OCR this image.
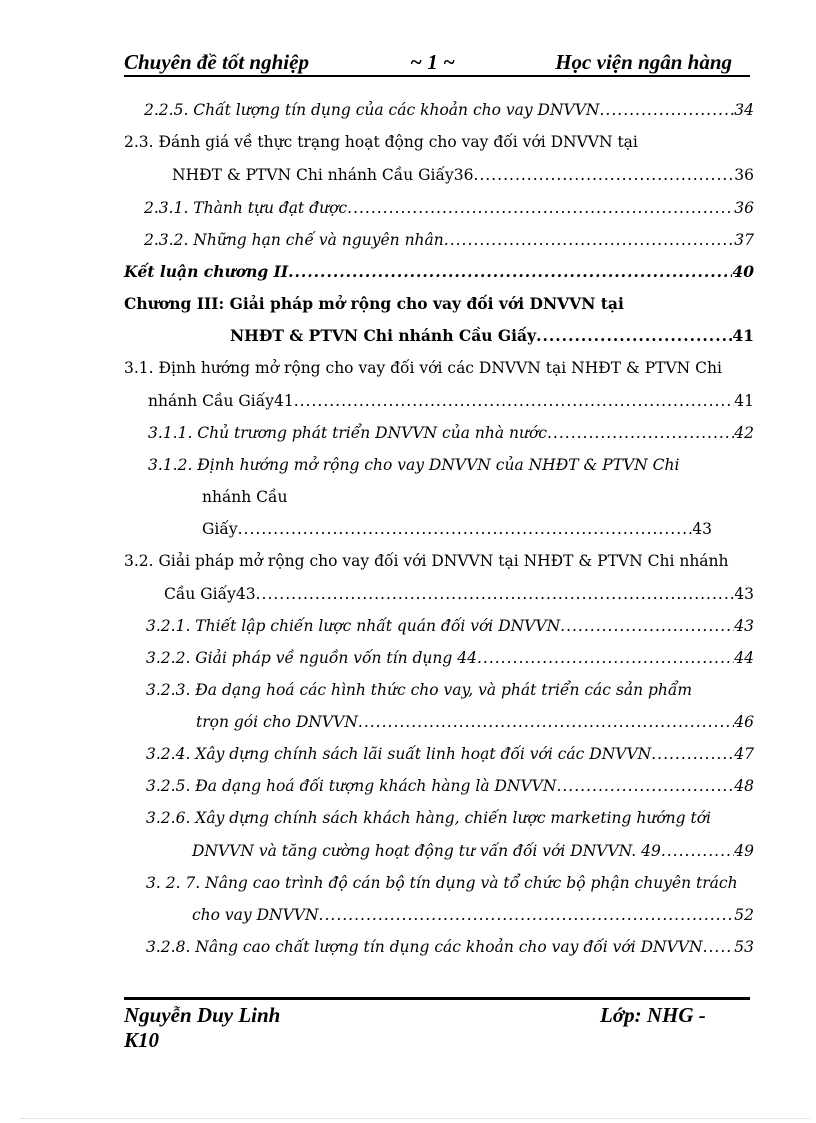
Chuyên đề tốt nghiệp	~ 1 ~	Học viện ngân hàng
2.2.5. Chất lượng tín dụng của các khoản cho vay DNVVN .....	34
2.3. Đánh giá về thực trạng hoạt động cho vay đối với DNVVN tại
NHĐT & PTVN Chi nhánh Cầu Giấy36 .....	36
2.3.1. Thành tựu đạt được .....	36
2.3.2. Những hạn chế và nguyên nhân .....	37
Kết luận chương II .....	40
Chương III: Giải pháp mở rộng cho vay đối với DNVVN tại
NHĐT & PTVN Chi nhánh Cầu Giấy .....	41
3.1. Định hướng mở rộng cho vay đối với các DNVVN tại NHĐT & PTVN Chi
nhánh Cầu Giấy41 .....	41
3.1.1. Chủ trương phát triển DNVVN của nhà nước .....	42
3.1.2. Định hướng mở rộng cho vay DNVVN của NHĐT & PTVN Chi
nhánh Cầu
Giấy .....	43
3.2. Giải pháp mở rộng cho vay đối với DNVVN tại NHĐT & PTVN Chi nhánh
Cầu Giấy43 .....	43
3.2.1. Thiết lập chiến lược nhất quán đối với DNVVN .....	43
3.2.2. Giải pháp về nguồn vốn tín dụng 44 .....	44
3.2.3. Đa dạng hoá các hình thức cho vay, và phát triển các sản phẩm
trọn gói cho DNVVN .....	46
3.2.4. Xây dựng chính sách lãi suất linh hoạt đối với các DNVVN .....	47
3.2.5. Đa dạng hoá đối tượng khách hàng là DNVVN .....	48
3.2.6. Xây dựng chính sách khách hàng, chiến lược marketing hướng tới
DNVVN và tăng cường hoạt động tư vấn đối với DNVVN. 49 .....	49
3. 2. 7. Nâng cao trình độ cán bộ tín dụng và tổ chức bộ phận chuyên trách
cho vay DNVVN .....	52
3.2.8. Nâng cao chất lượng tín dụng các khoản cho vay đối với DNVVN ..... 53
Nguyễn Duy Linh	Lớp: NHG -
K10
